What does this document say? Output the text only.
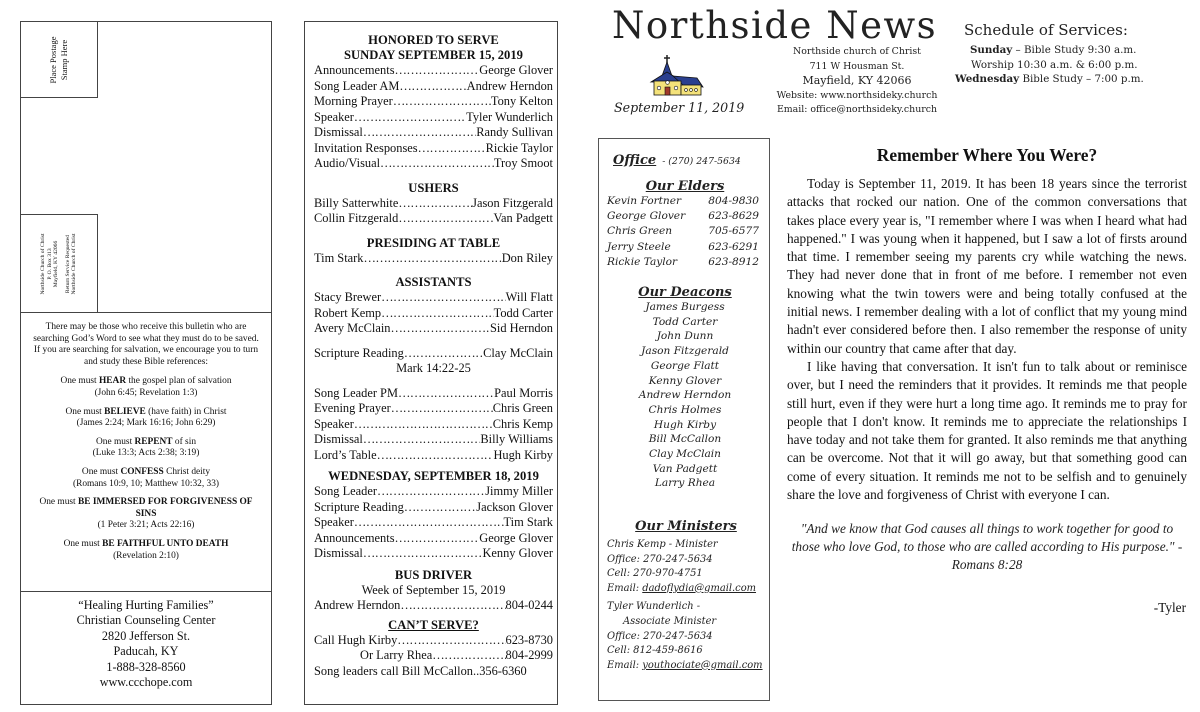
Place Postage Stamp Here
Northside Church of Christ P. O. Box 313 Mayfield, KY 42066 Return Service Requested Northside Church of Christ
There may be those who receive this bulletin who are searching God’s Word to see what they must do to be saved. If you are searching for salvation, we encourage you to turn and study these Bible references:
One must HEAR the gospel plan of salvation
(John 6:45; Revelation 1:3)
One must BELIEVE (have faith) in Christ
(James 2:24; Mark 16:16; John 6:29)
One must REPENT of sin
(Luke 13:3; Acts 2:38; 3:19)
One must CONFESS Christ deity
(Romans 10:9, 10; Matthew 10:32, 33)
One must BE IMMERSED FOR FORGIVENESS OF SINS
(1 Peter 3:21; Acts 22:16)
One must BE FAITHFUL UNTO DEATH
(Revelation 2:10)
“Healing Hurting Families”
Christian Counseling Center
2820 Jefferson St.
Paducah, KY
1-888-328-8560
www.ccchope.com
HONORED TO SERVE
SUNDAY SEPTEMBER 15, 2019
Announcements ……………………………………………………………………………	George Glover
Song Leader AM ……………………………………………………………………………	Andrew Herndon
Morning Prayer ……………………………………………………………………………	Tony Kelton
Speaker ……………………………………………………………………………	Tyler Wunderlich
Dismissal ……………………………………………………………………………	Randy Sullivan
Invitation Responses ……………………………………………………………………………	Rickie Taylor
Audio/Visual ……………………………………………………………………………	Troy Smoot
USHERS
Billy Satterwhite ……………………………………………………………………………	Jason Fitzgerald
Collin Fitzgerald ……………………………………………………………………………	Van Padgett
PRESIDING AT TABLE
Tim Stark ……………………………………………………………………………	Don Riley
ASSISTANTS
Stacy Brewer ……………………………………………………………………………	Will Flatt
Robert Kemp ……………………………………………………………………………	Todd Carter
Avery McClain ……………………………………………………………………………	Sid Herndon
Scripture Reading ……………………………………………………………………………	Clay McClain
Mark 14:22-25
Song Leader PM ……………………………………………………………………………	Paul Morris
Evening Prayer ……………………………………………………………………………	Chris Green
Speaker ……………………………………………………………………………	Chris Kemp
Dismissal ……………………………………………………………………………	Billy Williams
Lord’s Table ……………………………………………………………………………	Hugh Kirby
WEDNESDAY, SEPTEMBER 18, 2019
Song Leader ……………………………………………………………………………	Jimmy Miller
Scripture Reading ……………………………………………………………………………	Jackson Glover
Speaker ……………………………………………………………………………	Tim Stark
Announcements ……………………………………………………………………………	George Glover
Dismissal ……………………………………………………………………………	Kenny Glover
BUS DRIVER
Week of September 15, 2019
Andrew Herndon ……………………………………………………………………………	804-0244
CAN’T SERVE?
Call Hugh Kirby ……………………………………………………………………………	623-8730
Or Larry Rhea ……………………………………………………………………………	804-2999
Song leaders call Bill McCallon.. 356-6360
Northside News
September 11, 2019
Northside church of Christ
711 W Housman St.
Mayfield, KY 42066
Website: www.northsideky.church
Email: office@northsideky.church
Schedule of Services:
Sunday – Bible Study 9:30 a.m.
Worship 10:30 a.m. & 6:00 p.m.
Wednesday Bible Study – 7:00 p.m.
Office - (270) 247-5634
Our Elders
Kevin Fortner	804-9830
George Glover 623-8629
Chris Green	705-6577
Jerry Steele	623-6291
Rickie Taylor	623-8912
Our Deacons
James Burgess
Todd Carter
John Dunn
Jason Fitzgerald
George Flatt
Kenny Glover
Andrew Herndon
Chris Holmes
Hugh Kirby
Bill McCallon
Clay McClain
Van Padgett
Larry Rhea
Our Ministers
Chris Kemp - Minister
Office: 270-247-5634
Cell: 270-970-4751
Email: dadoflydia@gmail.com
Tyler Wunderlich -
Associate Minister
Office: 270-247-5634
Cell: 812-459-8616
Email: youthociate@gmail.com
Remember Where You Were?

Today is September 11, 2019. It has been 18 years since the terrorist attacks that rocked our nation. One of the common conversations that takes place every year is, "I remember where I was when I heard what had happened." I was young when it happened, but I saw a lot of firsts around that time. I remember seeing my parents cry while watching the news. They had never done that in front of me before. I remember not even knowing what the twin towers were and being totally confused at the initial news. I remember dealing with a lot of conflict that my young mind hadn't ever considered before then. I also remember the response of unity within our country that came after that day.

I like having that conversation. It isn't fun to talk about or reminisce over, but I need the reminders that it provides. It reminds me that people still hurt, even if they were hurt a long time ago. It reminds me to pray for people that I don't know. It reminds me to appreciate the relationships I have today and not take them for granted. It also reminds me that anything can be overcome. Not that it will go away, but that something good can come of every situation. It reminds me not to be selfish and to genuinely share the love and forgiveness of Christ with everyone I can.

"And we know that God causes all things to work together for good to those who love God, to those who are called according to His purpose." -Romans 8:28

-Tyler
